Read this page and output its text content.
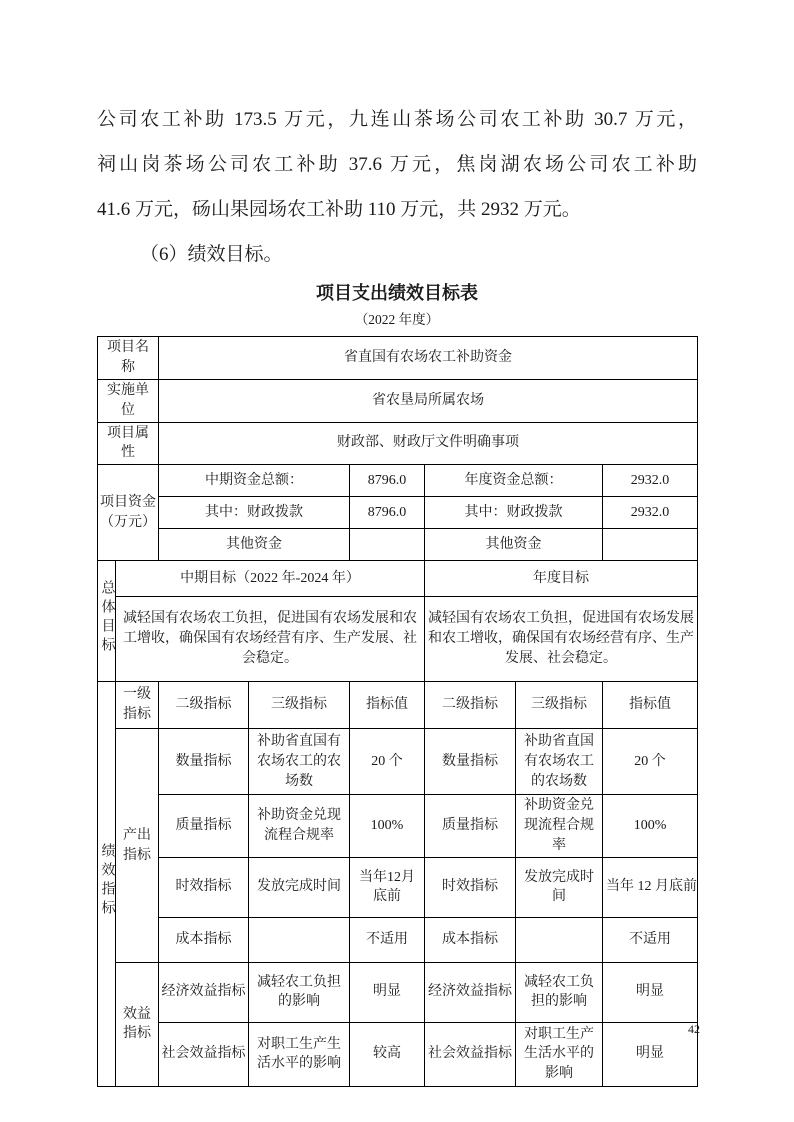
公司农工补助 173.5 万元，九连山茶场公司农工补助 30.7 万元，
祠山岗茶场公司农工补助 37.6 万元，焦岗湖农场公司农工补助
41.6 万元，砀山果园场农工补助 110 万元，共 2932 万元。
（6）绩效目标。
项目支出绩效目标表
（2022 年度）
项目名称		省直国有农场农工补助资金					
实施单位		省农垦局所属农场					
项目属性		财政部、财政厅文件明确事项					
项目资金（万元）		中期资金总额：		8796.0	年度资金总额：		2932.0
		其中：财政拨款		8796.0	其中：财政拨款		2932.0
		其他资金			其他资金		
总体目标	中期目标（2022 年-2024 年）				年度目标		
	减轻国有农场农工负担，促进国有农场发展和农工增收，确保国有农场经营有序、生产发展、社会稳定。				减轻国有农场农工负担，促进国有农场发展和农工增收，确保国有农场经营有序、生产发展、社会稳定。		
绩效指标	一级指标	二级指标	三级指标	指标值	二级指标	三级指标	指标值
	产出指标	数量指标	补助省直国有农场农工的农场数	20 个	数量指标	补助省直国有农场农工的农场数	20 个
		质量指标	补助资金兑现流程合规率	100%	质量指标	补助资金兑现流程合规率	100%
		时效指标	发放完成时间	当年12月底前	时效指标	发放完成时间	当年 12 月底前
		成本指标		不适用	成本指标		不适用
	效益指标	经济效益指标	减轻农工负担的影响	明显	经济效益指标	减轻农工负担的影响	明显
		社会效益指标	对职工生产生活水平的影响	较高	社会效益指标	对职工生产生活水平的影响	明显
42
